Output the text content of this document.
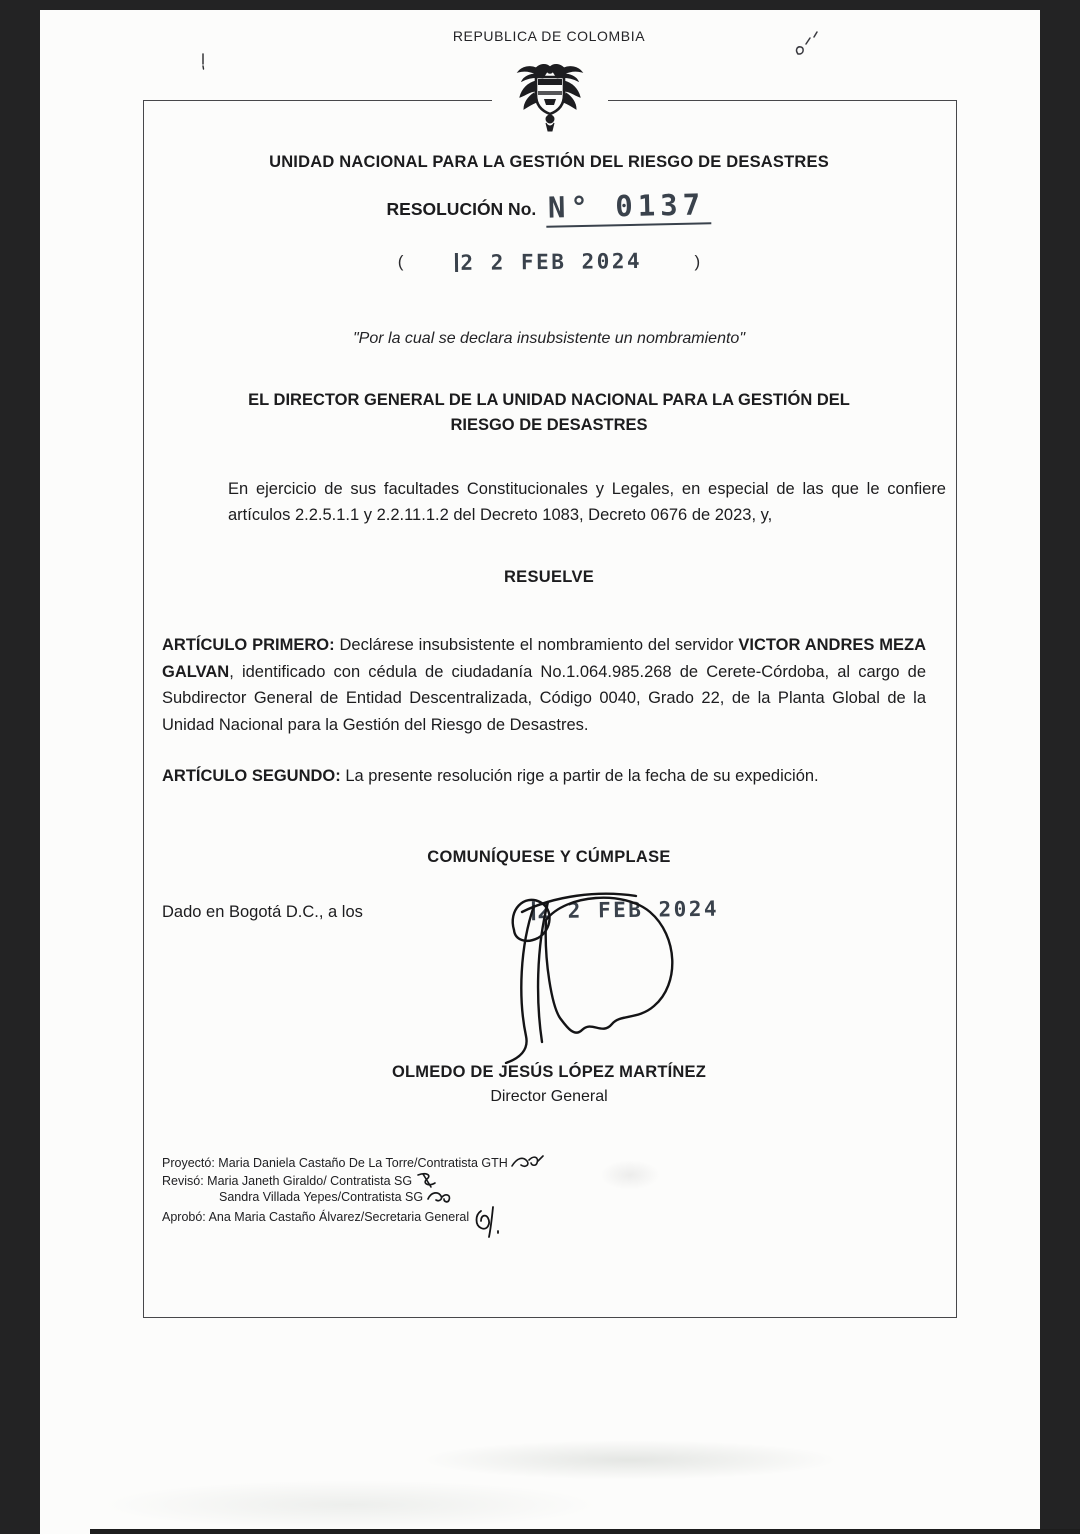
REPUBLICA DE COLOMBIA
UNIDAD NACIONAL PARA LA GESTIÓN DEL RIESGO DE DESASTRES
RESOLUCIÓN No. N° 0137
(	2 2 FEB 2024	)
"Por la cual se declara insubsistente un nombramiento"
EL DIRECTOR GENERAL DE LA UNIDAD NACIONAL PARA LA GESTIÓN DEL
RIESGO DE DESASTRES
En ejercicio de sus facultades Constitucionales y Legales, en especial de las que le confiere artículos 2.2.5.1.1 y 2.2.11.1.2 del Decreto 1083, Decreto 0676 de 2023, y,
RESUELVE

ARTÍCULO PRIMERO: Declárese insubsistente el nombramiento del servidor VICTOR ANDRES MEZA GALVAN, identificado con cédula de ciudadanía No.1.064.985.268 de Cerete-Córdoba, al cargo de Subdirector General de Entidad Descentralizada, Código 0040, Grado 22, de la Planta Global de la Unidad Nacional para la Gestión del Riesgo de Desastres.

ARTÍCULO SEGUNDO: La presente resolución rige a partir de la fecha de su expedición.

COMUNÍQUESE Y CÚMPLASE
Dado en Bogotá D.C., a los	2 2 FEB 2024
OLMEDO DE JESÚS LÓPEZ MARTÍNEZ
Director General
Proyectó: Maria Daniela Castaño De La Torre/Contratista GTH
Revisó: Maria Janeth Giraldo/ Contratista SG
Sandra Villada Yepes/Contratista SG
Aprobó: Ana Maria Castaño Álvarez/Secretaria General
